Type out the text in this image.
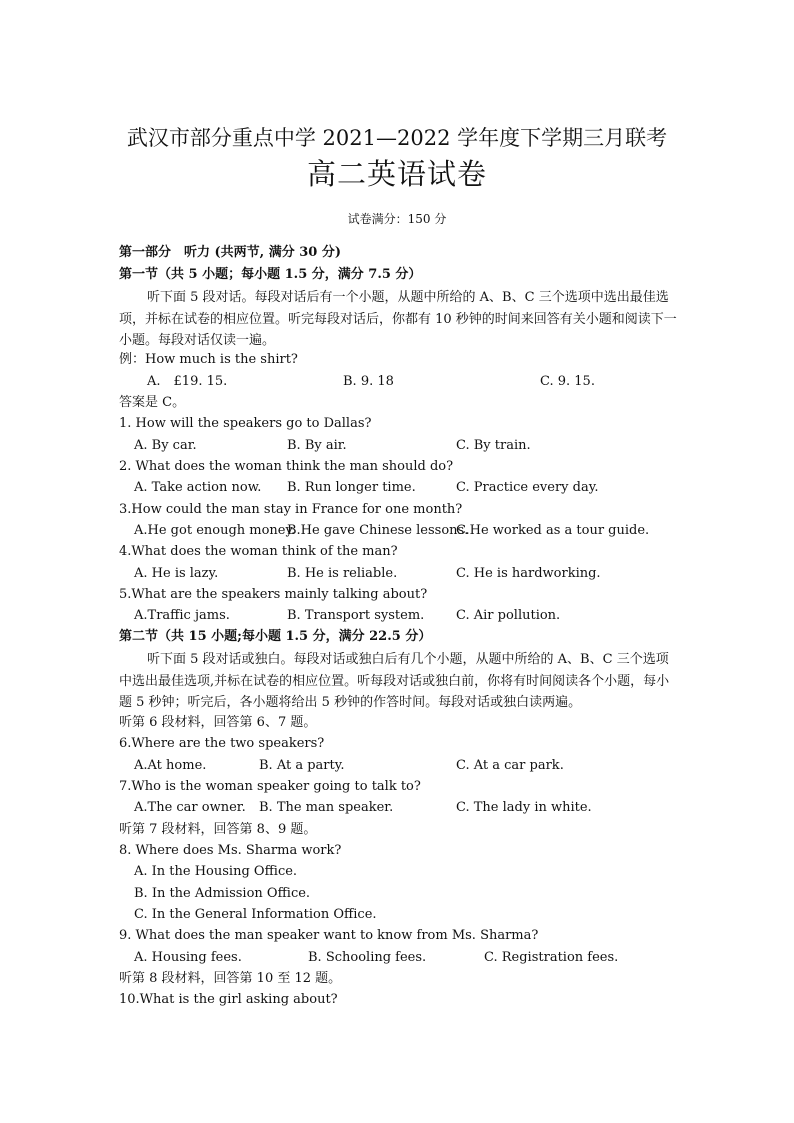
武汉市部分重点中学 2021—2022 学年度下学期三月联考
高二英语试卷
试卷满分：150 分
第一部分　听力 (共两节, 满分 30 分)
第一节（共 5 小题；每小题 1.5 分，满分 7.5 分）
听下面 5 段对话。每段对话后有一个小题，从题中所给的 A、B、C 三个选项中选出最佳选项，并标在试卷的相应位置。听完每段对话后，你都有 10 秒钟的时间来回答有关小题和阅读下一小题。每段对话仅读一遍。
例：How much is the shirt?
A.　£19. 15.	B. 9. 18	C. 9. 15.
答案是 C。
1. How will the speakers go to Dallas?
A. By car.	B. By air.	C. By train.
2. What does the woman think the man should do?
A. Take action now. B. Run longer time.	C. Practice every day.
3.How could the man stay in France for one month?
A.He got enough money.
B.He gave Chinese lessons.
C.He worked as a tour guide.
4.What does the woman think of the man?
A. He is lazy.	B. He is reliable.	C. He is hardworking.
5.What are the speakers mainly talking about?
A.Traffic jams.	B. Transport system. C. Air pollution.
第二节（共 15 小题;每小题 1.5 分，满分 22.5 分）
听下面 5 段对话或独白。每段对话或独白后有几个小题，从题中所给的 A、B、C 三个选项中选出最佳选项,并标在试卷的相应位置。听每段对话或独白前，你将有时间阅读各个小题，每小题 5 秒钟；听完后，各小题将给出 5 秒钟的作答时间。每段对话或独白读两遍。
听第 6 段材料，回答第 6、7 题。
6.Where are the two speakers?
A.At home.	B. At a party.	C. At a car park.
7.Who is the woman speaker going to talk to?
A.The car owner. B. The man speaker.	C. The lady in white.
听第 7 段材料，回答第 8、9 题。
8. Where does Ms. Sharma work?
A. In the Housing Office.
B. In the Admission Office.
C. In the General Information Office.
9. What does the man speaker want to know from Ms. Sharma?
A. Housing fees.	B. Schooling fees.	C. Registration fees.
听第 8 段材料，回答第 10 至 12 题。
10.What is the girl asking about?
